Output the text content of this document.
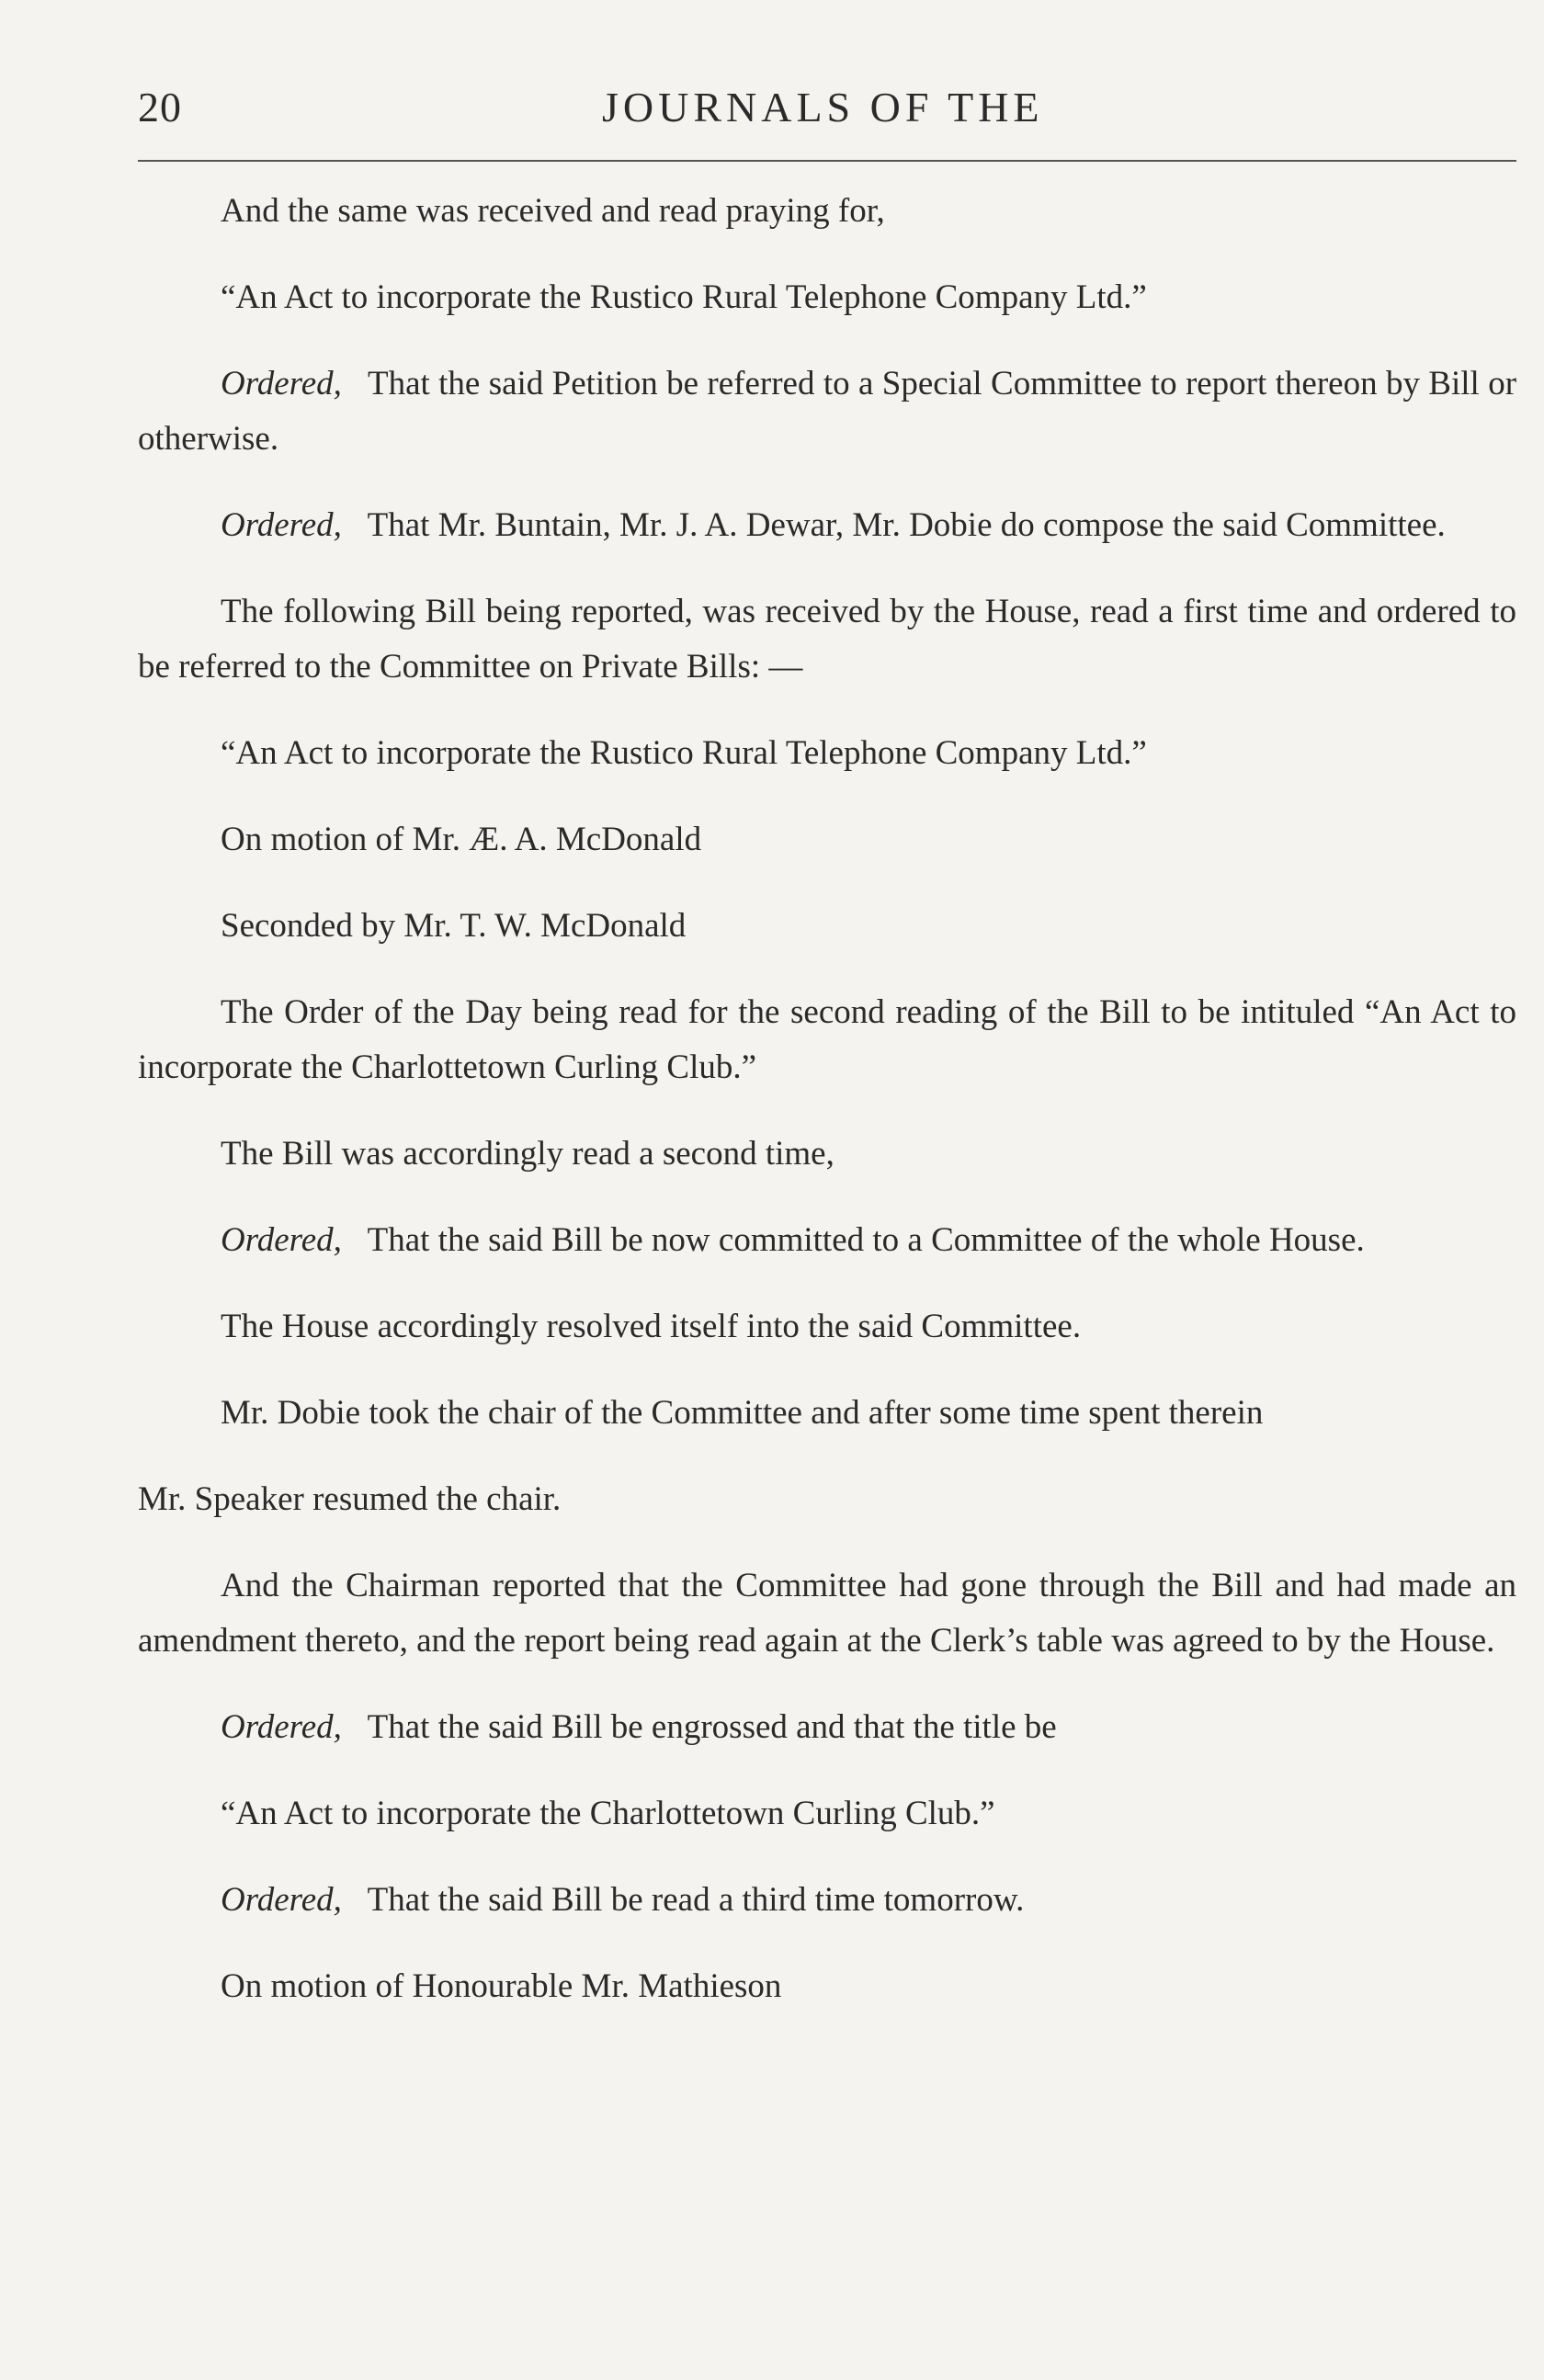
20	JOURNALS OF THE

And the same was received and read praying for,

“An Act to incorporate the Rustico Rural Telephone Company Ltd.”

Ordered, That the said Petition be referred to a Special Committee to report thereon by Bill or otherwise.

Ordered, That Mr. Buntain, Mr. J. A. Dewar, Mr. Dobie do compose the said Committee.

The following Bill being reported, was received by the House, read a first time and ordered to be referred to the Committee on Private Bills: —

“An Act to incorporate the Rustico Rural Telephone Company Ltd.”

On motion of Mr. Æ. A. McDonald

Seconded by Mr. T. W. McDonald

The Order of the Day being read for the second reading of the Bill to be intituled “An Act to incorporate the Charlottetown Curling Club.”

The Bill was accordingly read a second time,

Ordered, That the said Bill be now committed to a Committee of the whole House.

The House accordingly resolved itself into the said Committee.

Mr. Dobie took the chair of the Committee and after some time spent therein

Mr. Speaker resumed the chair.

And the Chairman reported that the Committee had gone through the Bill and had made an amendment thereto, and the report being read again at the Clerk’s table was agreed to by the House.

Ordered, That the said Bill be engrossed and that the title be

“An Act to incorporate the Charlottetown Curling Club.”

Ordered, That the said Bill be read a third time tomorrow.

On motion of Honourable Mr. Mathieson
